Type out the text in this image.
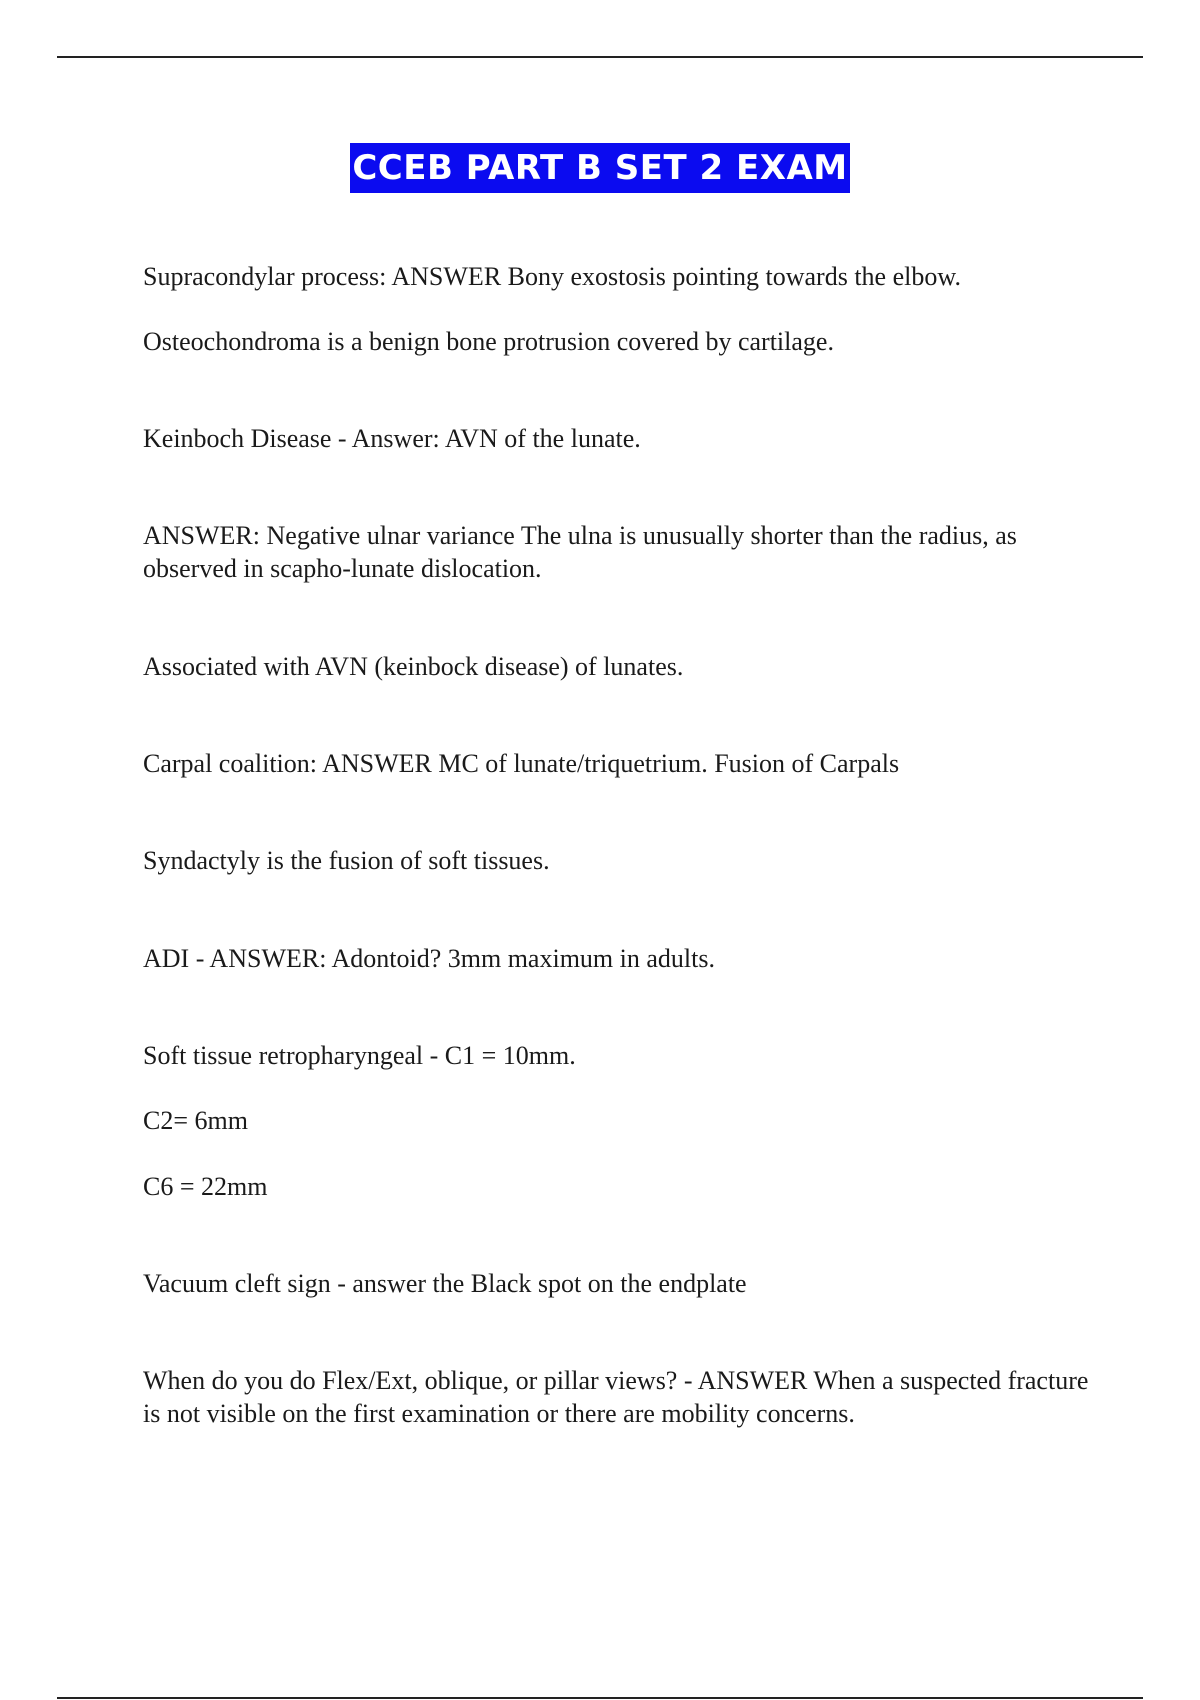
CCEB PART B SET 2 EXAM

Supracondylar process: ANSWER Bony exostosis pointing towards the elbow.

Osteochondroma is a benign bone protrusion covered by cartilage.

Keinboch Disease - Answer: AVN of the lunate.

ANSWER: Negative ulnar variance The ulna is unusually shorter than the radius, as observed in scapho-lunate dislocation.

Associated with AVN (keinbock disease) of lunates.

Carpal coalition: ANSWER MC of lunate/triquetrium. Fusion of Carpals

Syndactyly is the fusion of soft tissues.

ADI - ANSWER: Adontoid? 3mm maximum in adults.

Soft tissue retropharyngeal - C1 = 10mm.

C2= 6mm

C6 = 22mm

Vacuum cleft sign - answer the Black spot on the endplate

When do you do Flex/Ext, oblique, or pillar views? - ANSWER When a suspected fracture is not visible on the first examination or there are mobility concerns.
